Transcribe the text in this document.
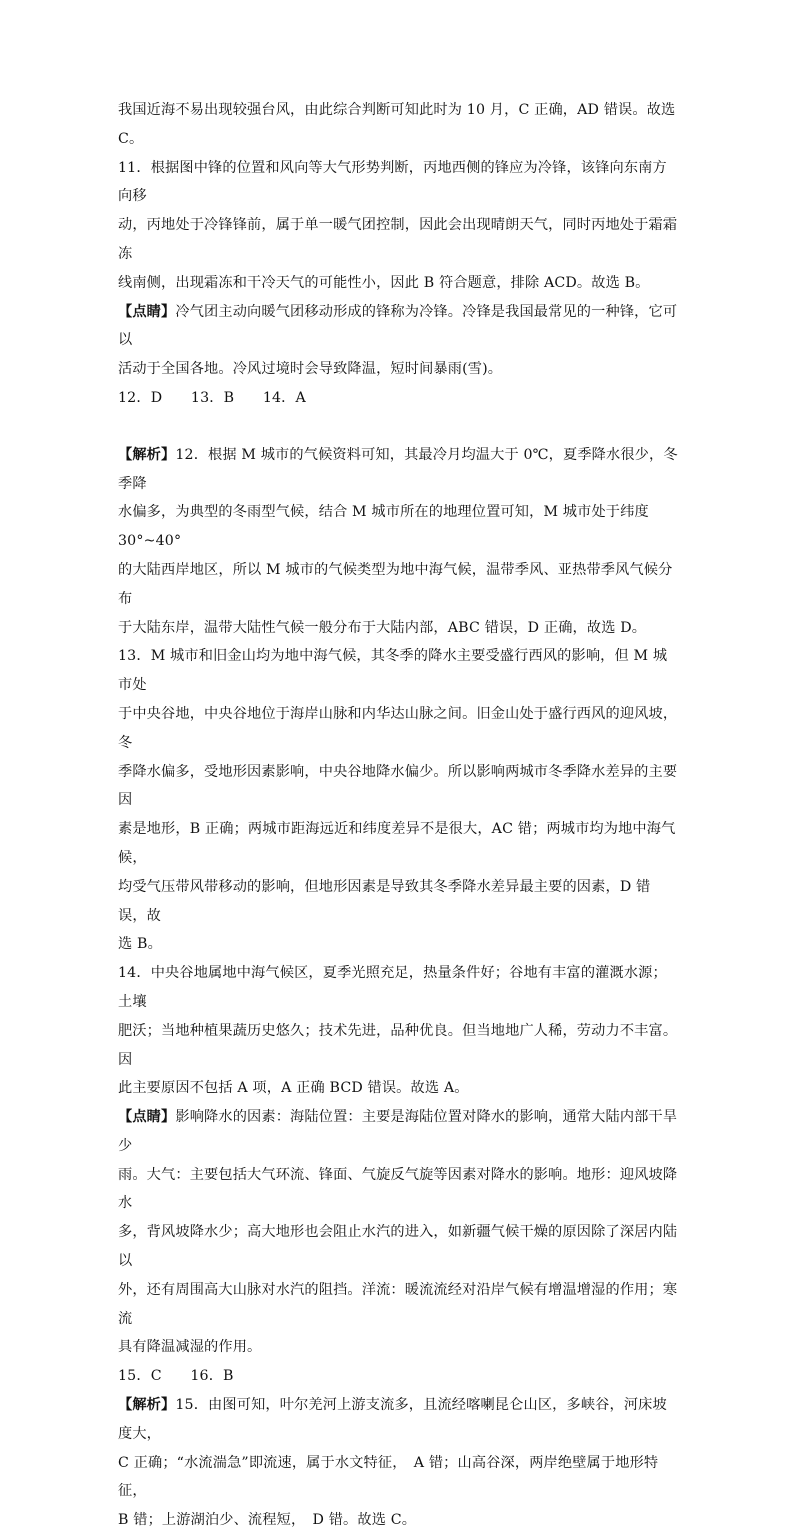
我国近海不易出现较强台风，由此综合判断可知此时为 10 月，C 正确，AD 错误。故选 C。
11．根据图中锋的位置和风向等大气形势判断，丙地西侧的锋应为冷锋，该锋向东南方向移
动，丙地处于冷锋锋前，属于单一暖气团控制，因此会出现晴朗天气，同时丙地处于霜霜冻
线南侧，出现霜冻和干冷天气的可能性小，因此 B 符合题意，排除 ACD。故选 B。
【点睛】冷气团主动向暖气团移动形成的锋称为冷锋。冷锋是我国最常见的一种锋，它可以
活动于全国各地。冷风过境时会导致降温，短时间暴雨(雪)。
12．D　　13．B　　14．A
【解析】12．根据 M 城市的气候资料可知，其最冷月均温大于 0℃，夏季降水很少，冬季降
水偏多，为典型的冬雨型气候，结合 M 城市所在的地理位置可知，M 城市处于纬度 30°~40°
的大陆西岸地区，所以 M 城市的气候类型为地中海气候，温带季风、亚热带季风气候分布
于大陆东岸，温带大陆性气候一般分布于大陆内部，ABC 错误，D 正确，故选 D。
13．M 城市和旧金山均为地中海气候，其冬季的降水主要受盛行西风的影响，但 M 城市处
于中央谷地，中央谷地位于海岸山脉和内华达山脉之间。旧金山处于盛行西风的迎风坡，冬
季降水偏多，受地形因素影响，中央谷地降水偏少。所以影响两城市冬季降水差异的主要因
素是地形，B 正确；两城市距海远近和纬度差异不是很大，AC 错；两城市均为地中海气候，
均受气压带风带移动的影响，但地形因素是导致其冬季降水差异最主要的因素，D 错误，故
选 B。
14．中央谷地属地中海气候区，夏季光照充足，热量条件好；谷地有丰富的灌溉水源；土壤
肥沃；当地种植果蔬历史悠久；技术先进，品种优良。但当地地广人稀，劳动力不丰富。因
此主要原因不包括 A 项，A 正确 BCD 错误。故选 A。
【点睛】影响降水的因素：海陆位置：主要是海陆位置对降水的影响，通常大陆内部干旱少
雨。大气：主要包括大气环流、锋面、气旋反气旋等因素对降水的影响。地形：迎风坡降水
多，背风坡降水少；高大地形也会阻止水汽的进入，如新疆气候干燥的原因除了深居内陆以
外，还有周围高大山脉对水汽的阻挡。洋流：暖流流经对沿岸气候有增温增湿的作用；寒流
具有降温减湿的作用。
15．C　　16．B
【解析】15．由图可知，叶尔羌河上游支流多，且流经喀喇昆仑山区，多峡谷，河床坡度大，
C 正确；“水流湍急”即流速，属于水文特征，　A 错；山高谷深，两岸绝壁属于地形特征，
B 错；上游湖泊少、流程短，　D 错。故选 C。
